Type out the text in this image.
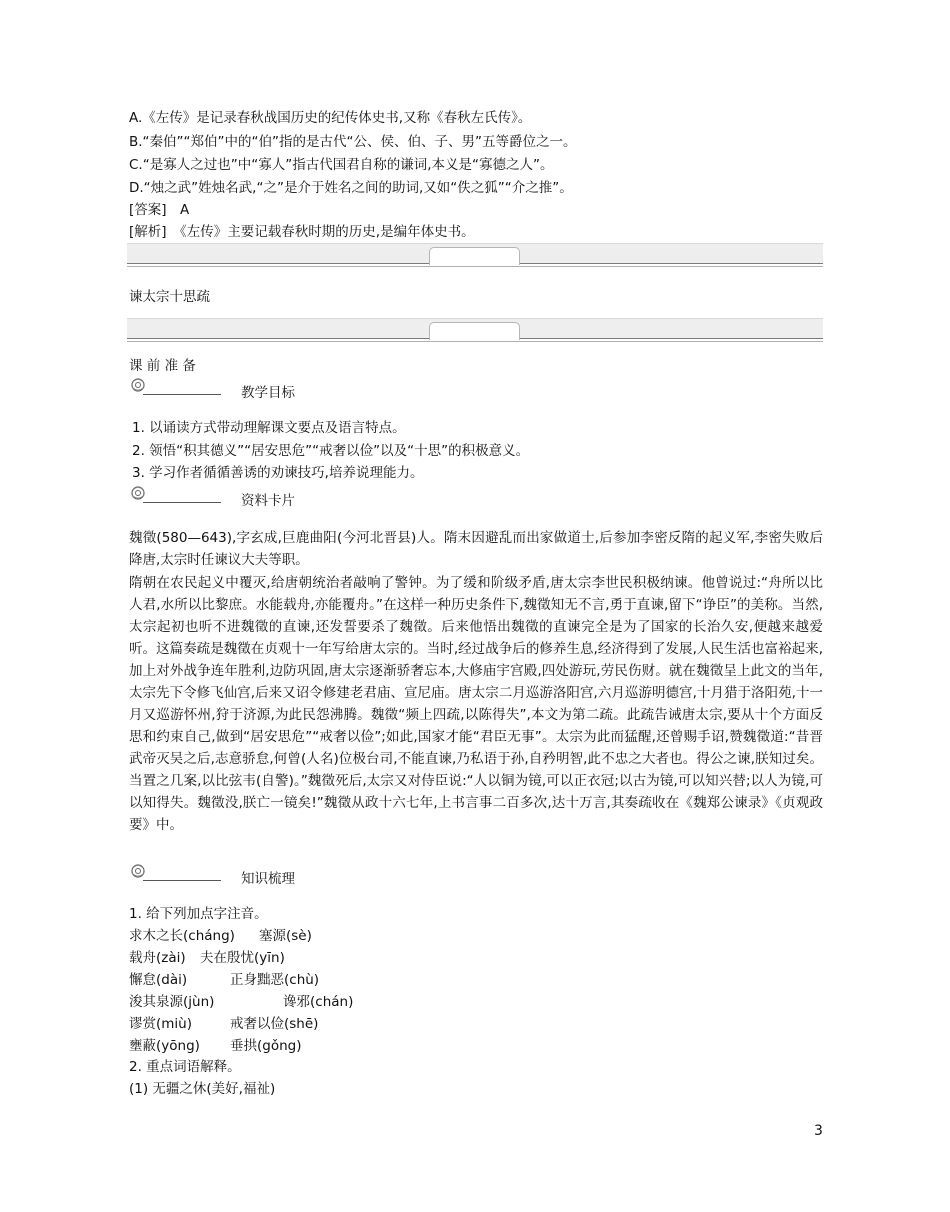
A.《左传》是记录春秋战国历史的纪传体史书,又称《春秋左氏传》。
B.“秦伯”“郑伯”中的“伯”指的是古代“公、侯、伯、子、男”五等爵位之一。
C.“是寡人之过也”中“寡人”指古代国君自称的谦词,本义是“寡德之人”。
D.“烛之武”姓烛名武,“之”是介于姓名之间的助词,又如“佚之狐”“介之推”。
[答案]　A
[解析]　《左传》主要记载春秋时期的历史,是编年体史书。
谏太宗十思疏
课 前 准 备
教学目标
1. 以诵读方式带动理解课文要点及语言特点。
2. 领悟“积其德义”“居安思危”“戒奢以俭”以及“十思”的积极意义。
3. 学习作者循循善诱的劝谏技巧,培养说理能力。
资料卡片
魏徵(580—643),字玄成,巨鹿曲阳(今河北晋县)人。隋末因避乱而出家做道士,后参加李密反隋的起义军,李密失败后降唐,太宗时任谏议大夫等职。
隋朝在农民起义中覆灭,给唐朝统治者敲响了警钟。为了缓和阶级矛盾,唐太宗李世民积极纳谏。他曾说过:“舟所以比人君,水所以比黎庶。水能载舟,亦能覆舟。”在这样一种历史条件下,魏徵知无不言,勇于直谏,留下“诤臣”的美称。当然,太宗起初也听不进魏徵的直谏,还发誓要杀了魏徵。后来他悟出魏徵的直谏完全是为了国家的长治久安,便越来越爱听。这篇奏疏是魏徵在贞观十一年写给唐太宗的。当时,经过战争后的修养生息,经济得到了发展,人民生活也富裕起来,加上对外战争连年胜利,边防巩固,唐太宗逐渐骄奢忘本,大修庙宇宫殿,四处游玩,劳民伤财。就在魏徵呈上此文的当年,太宗先下令修飞仙宫,后来又诏令修建老君庙、宣尼庙。唐太宗二月巡游洛阳宫,六月巡游明德宫,十月猎于洛阳苑,十一月又巡游怀州,狩于济源,为此民怨沸腾。魏徵“频上四疏,以陈得失”,本文为第二疏。此疏告诫唐太宗,要从十个方面反思和约束自己,做到“居安思危”“戒奢以俭”;如此,国家才能“君臣无事”。太宗为此而猛醒,还曾赐手诏,赞魏徵道:“昔晋武帝灭吴之后,志意骄怠,何曾(人名)位极台司,不能直谏,乃私语于孙,自矜明智,此不忠之大者也。得公之谏,朕知过矣。当置之几案,以比弦韦(自警)。”魏徵死后,太宗又对侍臣说:“人以铜为镜,可以正衣冠;以古为镜,可以知兴替;以人为镜,可以知得失。魏徵没,朕亡一镜矣!”魏徵从政十六七年,上书言事二百多次,达十万言,其奏疏收在《魏郑公谏录》《贞观政要》中。
知识梳理
1. 给下列加点字注音。
求木之长(cháng) 塞源(sè)
载舟(zài) 夫在殷忧(yīn)
懈怠(dài)	正身黜恶(chù)
浚其泉源(jùn)	谗邪(chán)
谬赏(miù)	戒奢以俭(shē)
壅蔽(yōng) 垂拱(gǒng)
2. 重点词语解释。
(1) 无疆之休(美好,福祉)
3
